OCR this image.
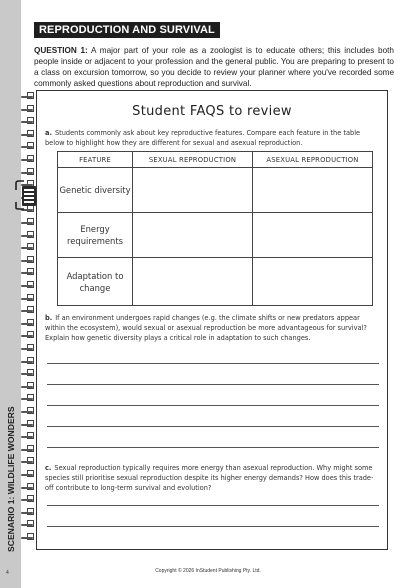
REPRODUCTION AND SURVIVAL

QUESTION 1: A major part of your role as a zoologist is to educate others; this includes both people inside or adjacent to your profession and the general public. You are preparing to present to a class on excursion tomorrow, so you decide to review your planner where you've recorded some commonly asked questions about reproduction and survival.

Student FAQS to review

a. Students commonly ask about key reproductive features. Compare each feature in the table below to highlight how they are different for sexual and asexual reproduction.

FEATURE	SEXUAL REPRODUCTION	ASEXUAL REPRODUCTION
Genetic diversity		
Energy requirements		
Adaptation to change		

b. If an environment undergoes rapid changes (e.g. the climate shifts or new predators appear within the ecosystem), would sexual or asexual reproduction be more advantageous for survival? Explain how genetic diversity plays a critical role in adaptation to such changes.

c. Sexual reproduction typically requires more energy than asexual reproduction. Why might some species still prioritise sexual reproduction despite its higher energy demands? How does this trade-off contribute to long-term survival and evolution?

SCENARIO 1: WILDLIFE WONDERS
4	Copyright © 2026 InStudent Publishing Pty. Ltd.
